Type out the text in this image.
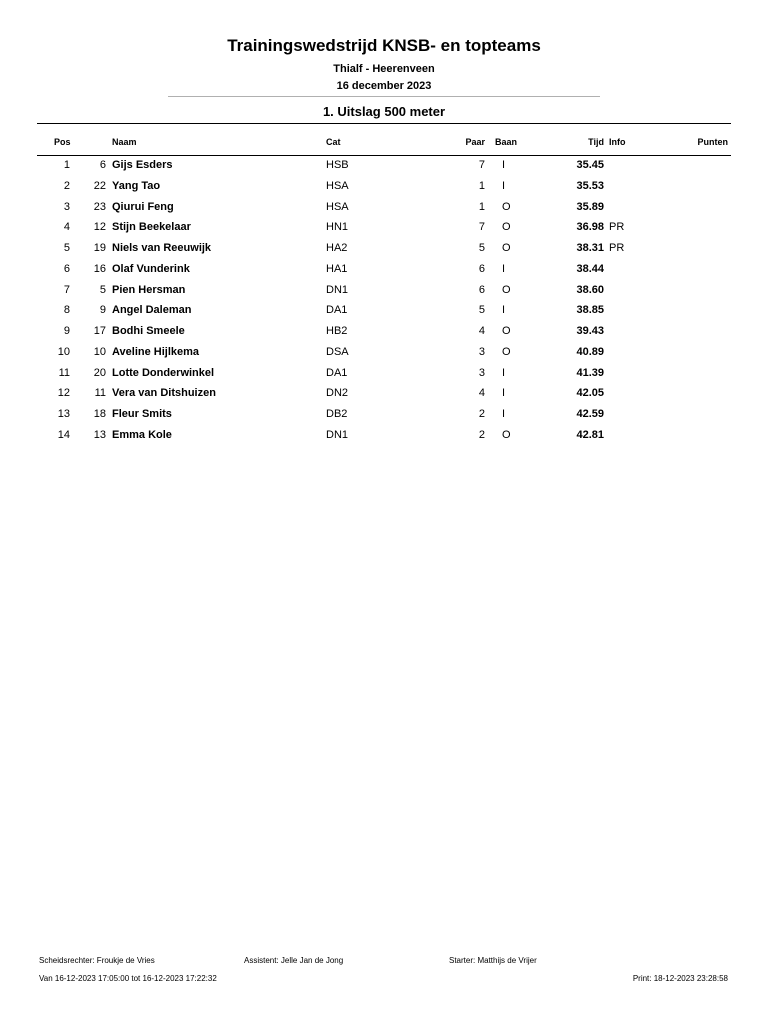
Trainingswedstrijd KNSB- en topteams
Thialf - Heerenveen
16 december 2023
1. Uitslag 500 meter
Pos	Naam	Cat	Paar Baan	Tijd Info	Punten
1	6 Gijs Esders	HSB	7 I	35.45
2	22 Yang Tao	HSA	1 I	35.53
3	23 Qiurui Feng	HSA	1 O	35.89
4	12 Stijn Beekelaar	HN1	7 O	36.98 PR
5	19 Niels van Reeuwijk	HA2	5 O	38.31 PR
6	16 Olaf Vunderink	HA1	6 I	38.44
7	5 Pien Hersman	DN1	6 O	38.60
8	9 Angel Daleman	DA1	5 I	38.85
9	17 Bodhi Smeele	HB2	4 O	39.43
10	10 Aveline Hijlkema	DSA	3 O	40.89
11	20 Lotte Donderwinkel	DA1	3 I	41.39
12	11 Vera van Ditshuizen	DN2	4 I	42.05
13	18 Fleur Smits	DB2	2 I	42.59
14	13 Emma Kole	DN1	2 O	42.81
Scheidsrechter: Froukje de Vries	Assistent: Jelle Jan de Jong	Starter: Matthijs de Vrijer
Van 16-12-2023 17:05:00 tot 16-12-2023 17:22:32	Print: 18-12-2023 23:28:58
